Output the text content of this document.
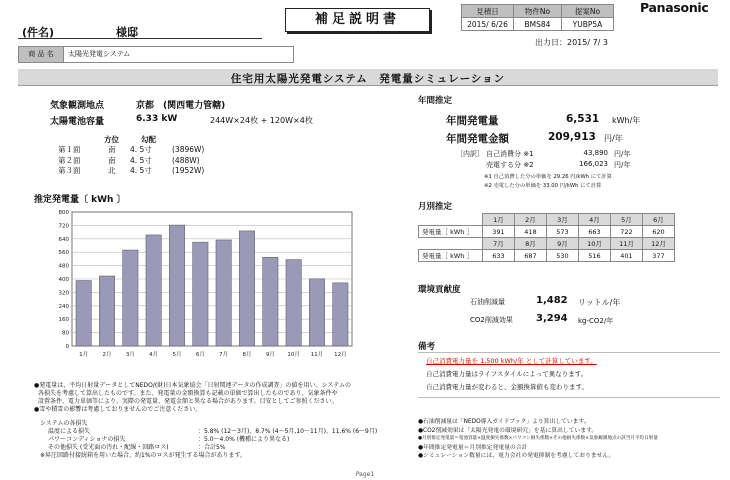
(件名)	様邸
補足説明書
見積日	物件No	提案No
2015/ 6/26	BMS84	YUBP5A
Panasonic
出力日：2015/ 7/ 3
商 品 名	太陽光発電システム
住宅用太陽光発電システム　発電量シミュレーション
気象観測地点	京都　(関西電力管轄)
太陽電池容量	6.33 kW	244W×24枚 + 120W×4枚
方位	勾配
第１面	南 4. 5寸	(3896W)
第２面	南 4. 5寸	(488W)
第３面	北 4. 5寸	(1952W)
推定発電量〔 kWh 〕
0
80
160
240
320
400
480
560
640
720
800
1月	2月	3月	4月	5月	6月	7月	8月	9月 10月 11月 12月
年間推定
年間発電量	6,531 kWh/年
年間発電金額	209,913 円/年
［内訳］ 自己消費分 ※1	43,890 円/年
売電する分 ※2	166,023 円/年
※1 自己消費した分の単価を 29.26 円/kWh にて計算
※2 売電した分の単価を 33.00 円/kWh にて計算
月別推定
	1月	2月	3月	4月	5月	6月
発電量［ kWh ］	391	418	573	663	722	620
	7月	8月	9月	10月	11月	12月
発電量［ kWh ］	633	687	530	516	401	377
環境貢献度
石油削減量	1,482 リットル/年
CO2削減効果 3,294 kg-CO2/年
備考
自己消費電力量を 1,500 kWh/年 として計算しています。
自己消費電力量はライフスタイルによって異なります。
自己消費電力量が変わると、金額換算値も変わります。
●発電量は、平均日射量データとしてNEDO/(財)日本気象協会「日射関連データの作成調査」の値を用い、システムの
各損失を考慮して算出したものです。また、発電量の金額換算も記載の単価で算出したものであり、気象条件や
設置条件、電力単価等により、実際の発電量、発電金額と異なる場合があります。目安としてご参照ください。
●雪や積雪の影響は考慮しておりませんのでご注意ください。
システムの各損失
温度による損失	：5.8% (12～3月)、8.7% (4～5月,10～11月)、11.6% (6～9月)
パワーコンディショナの損失	：5.0～4.0% (機種により異なる)
その他損失 (受光面の汚れ・配線・回路ロス)	：合計5%
※昇圧回路付接続箱を用いた場合、約1%のロスが発生する場合があります。
●石油削減量は「NEDO導入ガイドブック」より算出しています。
●CO2削減効果は「太陽光発電の環境研究」を基に算出しています。
●月別推定発電量＝電池容量×温度損失係数×パワコン損失係数×その他損失係数×気象観測地点の該当月平均日射量
●年間推定発電量＝月別推定発電量の合計
●シミュレーション数量には、電力会社の発電抑制を考慮しておりません。
Page1
